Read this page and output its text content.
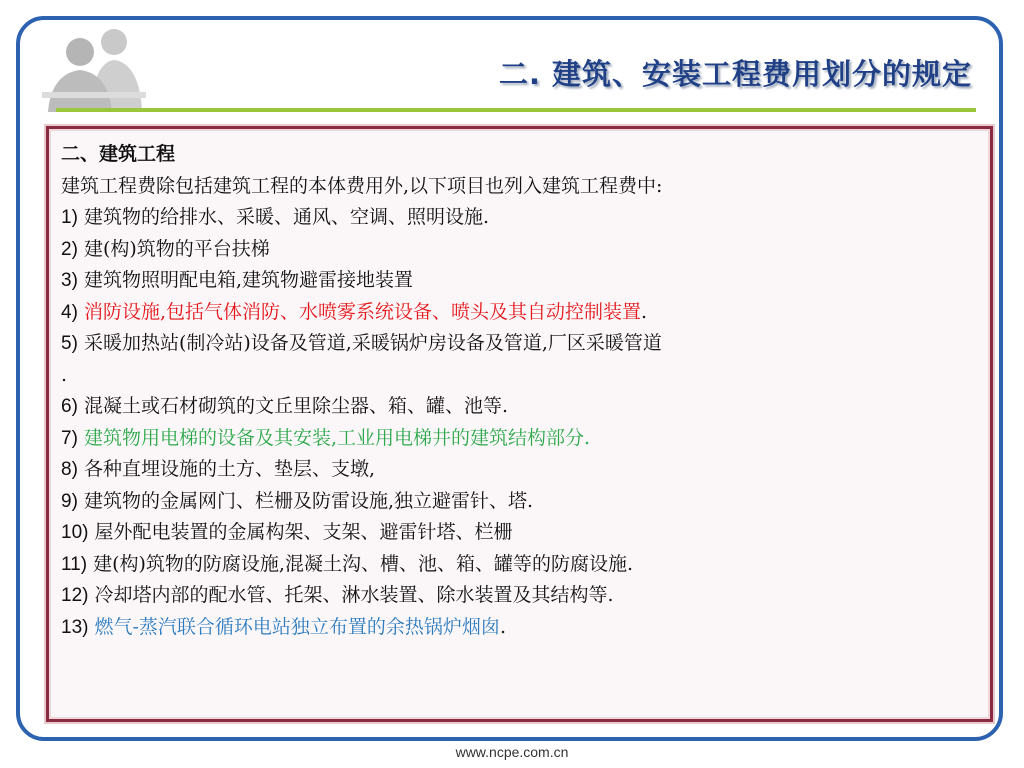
二. 建筑、安装工程费用划分的规定
二、建筑工程
建筑工程费除包括建筑工程的本体费用外,以下项目也列入建筑工程费中:
1) 建筑物的给排水、采暖、通风、空调、照明设施.
2) 建(构)筑物的平台扶梯
3) 建筑物照明配电箱,建筑物避雷接地装置
4) 消防设施,包括气体消防、水喷雾系统设备、喷头及其自动控制装置.
5) 采暖加热站(制冷站)设备及管道,采暖锅炉房设备及管道,厂区采暖管道
.
6) 混凝土或石材砌筑的文丘里除尘器、箱、罐、池等.
7) 建筑物用电梯的设备及其安装,工业用电梯井的建筑结构部分.
8) 各种直埋设施的土方、垫层、支墩,
9) 建筑物的金属网门、栏栅及防雷设施,独立避雷针、塔.
10) 屋外配电装置的金属构架、支架、避雷针塔、栏栅
11) 建(构)筑物的防腐设施,混凝土沟、槽、池、箱、罐等的防腐设施.
12) 冷却塔内部的配水管、托架、淋水装置、除水装置及其结构等.
13) 燃气-蒸汽联合循环电站独立布置的余热锅炉烟囱.
www.ncpe.com.cn
